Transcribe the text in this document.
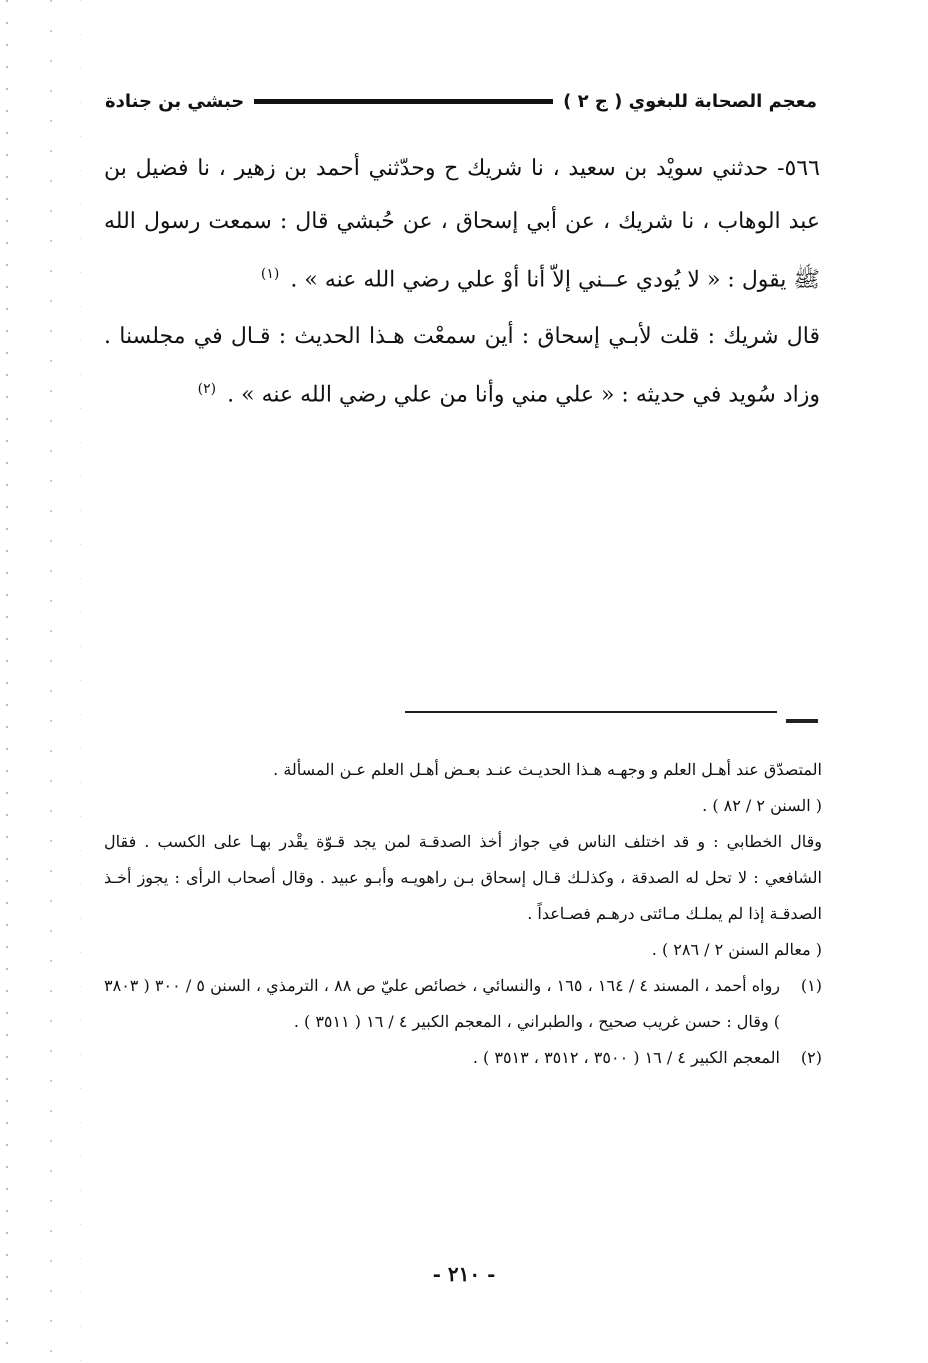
معجم الصحابة للبغوي ( ج ٢ )
حبشي بن جنادة

٥٦٦- حدثني سويْد بن سعيد ، نا شريك ح وحدّثني أحمد بن زهير ، نا فضيل بن عبد الوهاب ، نا شريك ، عن أبي إسحاق ، عن حُبشي قال : سمعت رسول الله ﷺ يقول : « لا يُودي عــني إلاّ أنا أوْ علي رضي الله عنه » . $^{(١)}$

قال شريك : قلت لأبـي إسحاق : أين سمعْت هـذا الحديث : قـال في مجلسنا . وزاد سُويد في حديثه : « علي مني وأنا من علي رضي الله عنه » . $^{(٢)}$

المتصدّق عند أهـل العلم و وجهـه هـذا الحديـث عنـد بعـض أهـل العلم عـن المسألة .
( السنن ٢ / ٨٢ ) .

وقال الخطابي : و قد اختلف الناس في جواز أخذ الصدقـة لمن يجد قـوّة يقْدر بهـا على الكسب . فقال الشافعي : لا تحل له الصدقة ، وكذلـك قـال إسحاق بـن راهويـه وأبـو عبيد . وقال أصحاب الرأى : يجوز أخـذ الصدقـة إذا لم يملـك مـائتى درهـم فصـاعداً .
( معالم السنن ٢ / ٢٨٦ ) .

(١)
رواه أحمد ، المسند ٤ / ١٦٤ ، ١٦٥ ، والنسائي ، خصائص عليّ ص ٨٨ ، الترمذي ، السنن ٥ / ٣٠٠ ( ٣٨٠٣ ) وقال : حسن غريب صحيح ، والطبراني ، المعجم الكبير ٤ / ١٦ ( ٣٥١١ ) .
(٢)
المعجم الكبير ٤ / ١٦ ( ٣٥٠٠ ، ٣٥١٢ ، ٣٥١٣ ) .
- ٢١٠ -
